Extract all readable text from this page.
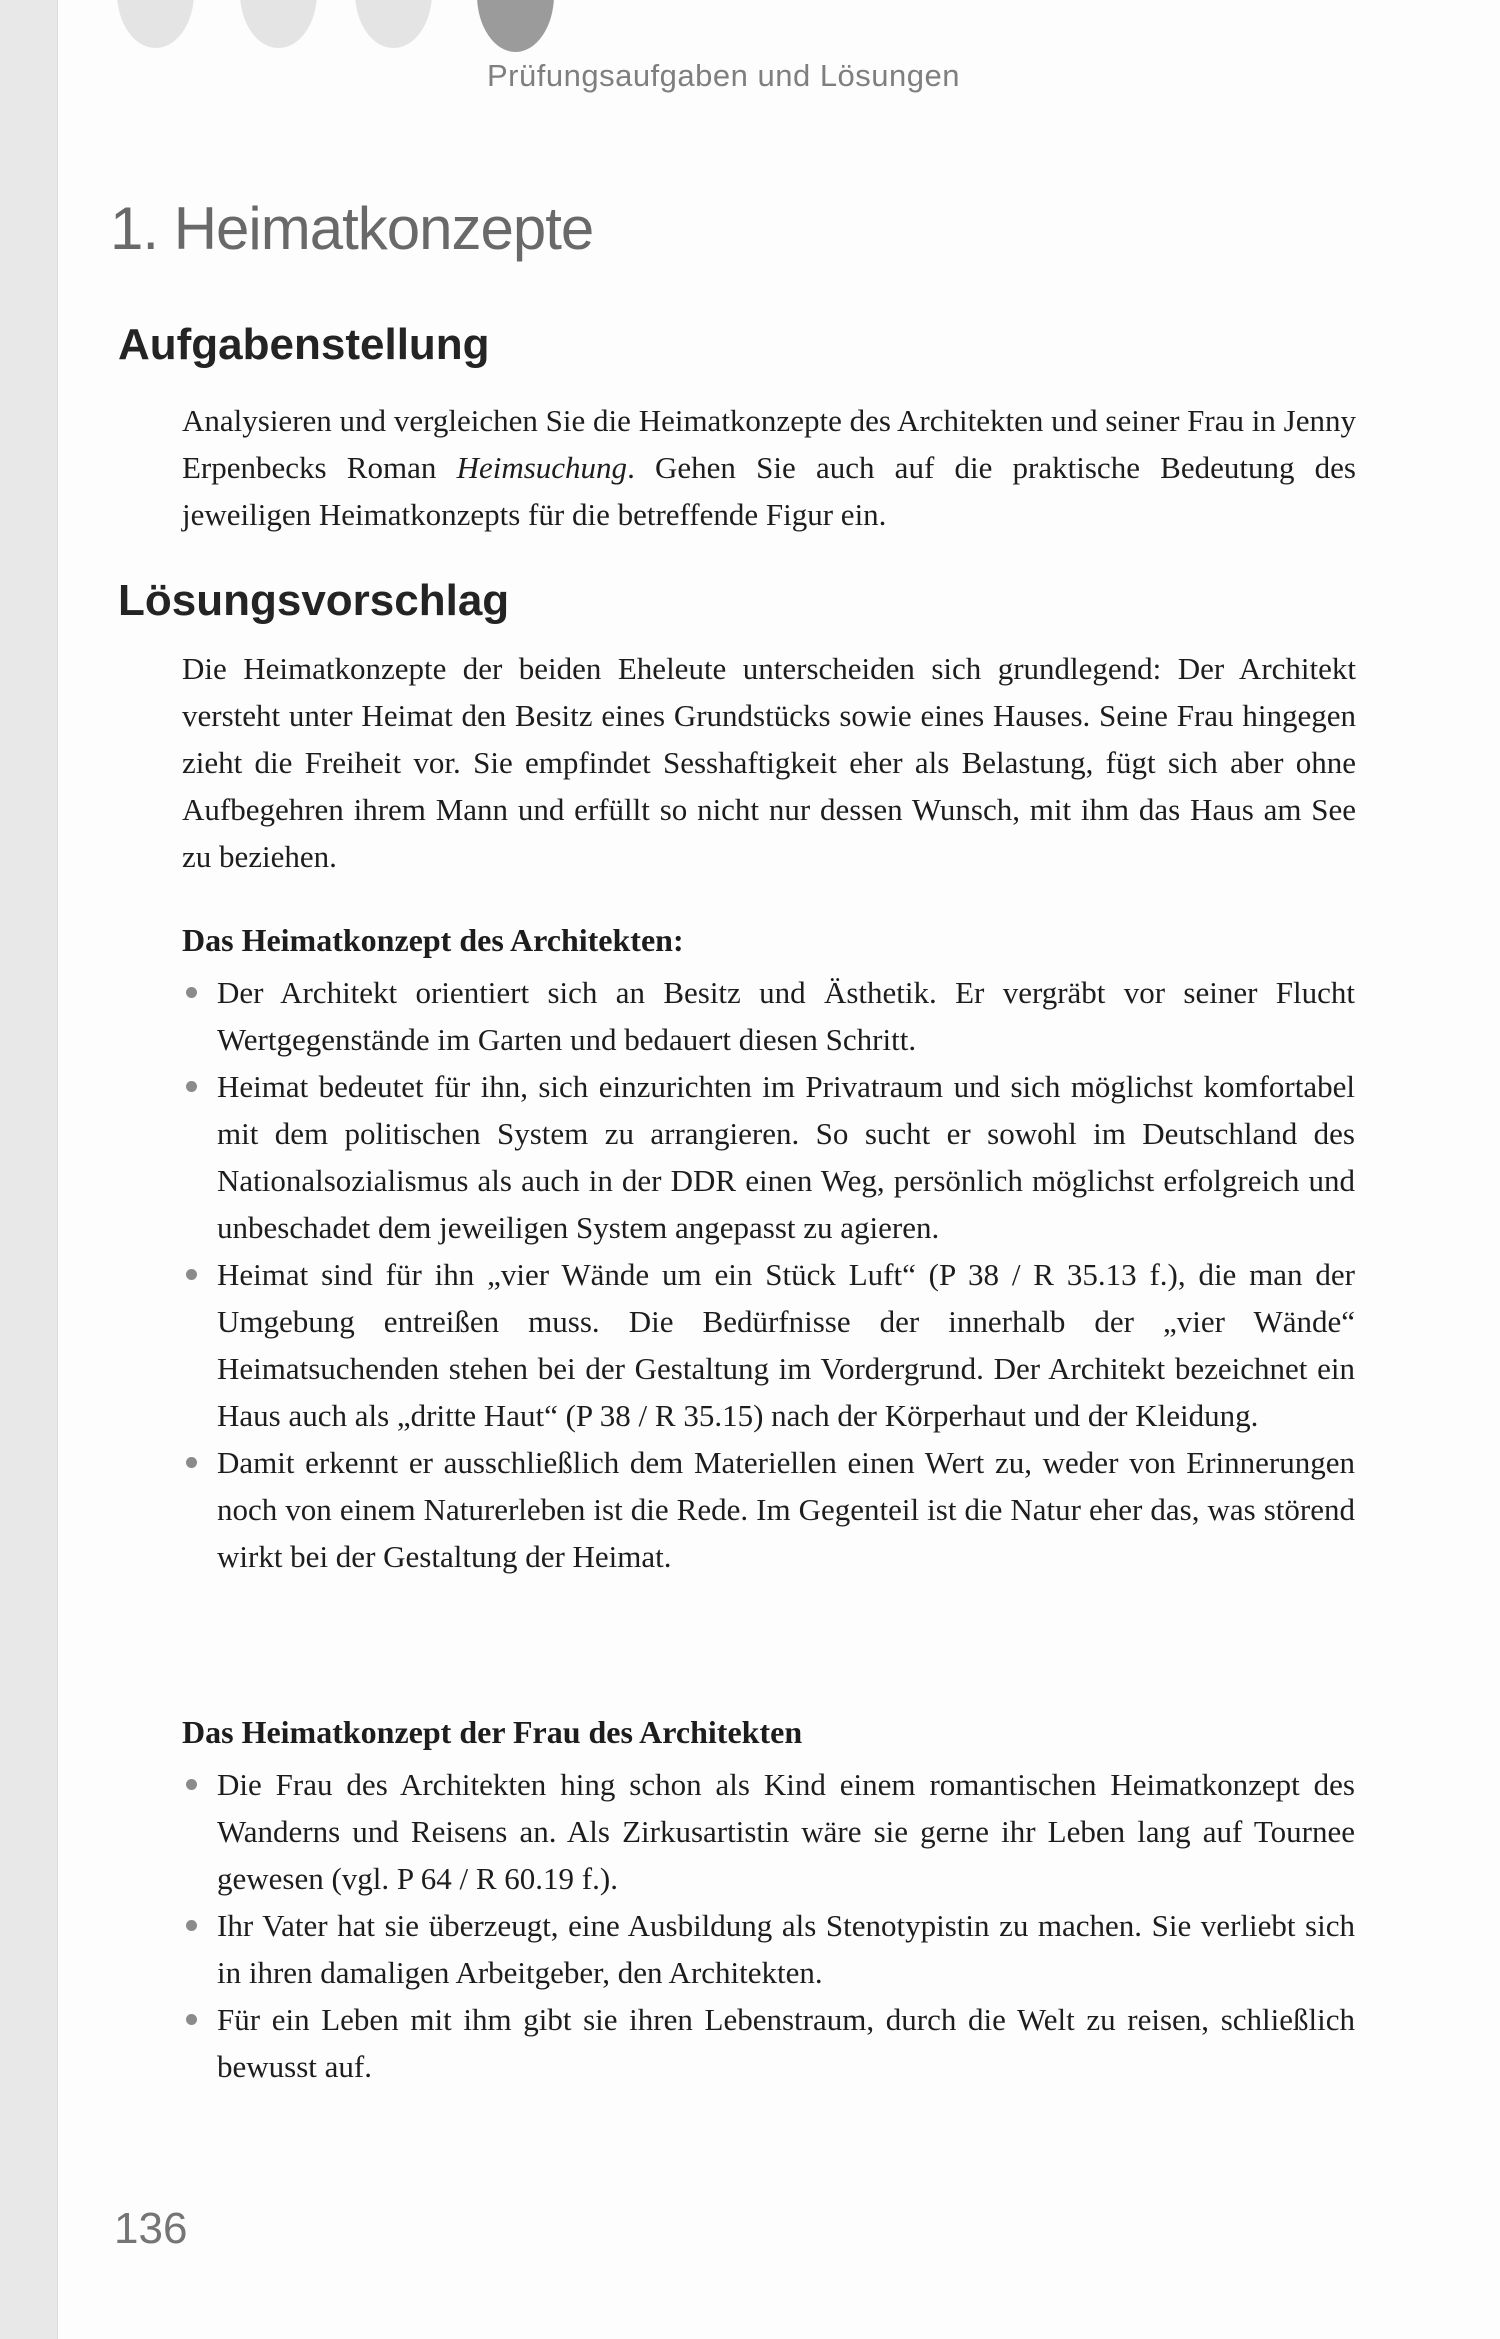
Prüfungsaufgaben und Lösungen
1. Heimatkonzepte
Aufgabenstellung

Analysieren und vergleichen Sie die Heimatkonzepte des Architekten und seiner Frau in Jenny Erpenbecks Roman Heimsuchung. Gehen Sie auch auf die praktische Bedeutung des jeweiligen Heimatkonzepts für die betreffende Figur ein.

Lösungsvorschlag

Die Heimatkonzepte der beiden Eheleute unterscheiden sich grundlegend: Der Architekt versteht unter Heimat den Besitz eines Grundstücks sowie eines Hauses. Seine Frau hingegen zieht die Freiheit vor. Sie empfindet Sesshaftigkeit eher als Belastung, fügt sich aber ohne Aufbegehren ihrem Mann und erfüllt so nicht nur dessen Wunsch, mit ihm das Haus am See zu beziehen.

Das Heimatkonzept des Architekten:
Der Architekt orientiert sich an Besitz und Ästhetik. Er vergräbt vor seiner Flucht Wertgegenstände im Garten und bedauert diesen Schritt.
Heimat bedeutet für ihn, sich einzurichten im Privatraum und sich möglichst komfortabel mit dem politischen System zu arrangieren. So sucht er sowohl im Deutschland des Nationalsozialismus als auch in der DDR einen Weg, persönlich möglichst erfolgreich und unbeschadet dem jeweiligen System angepasst zu agieren.
Heimat sind für ihn „vier Wände um ein Stück Luft“ (P 38 / R 35.13 f.), die man der Umgebung entreißen muss. Die Bedürfnisse der innerhalb der „vier Wände“ Heimatsuchenden stehen bei der Gestaltung im Vordergrund. Der Architekt bezeichnet ein Haus auch als „dritte Haut“ (P 38 / R 35.15) nach der Körperhaut und der Kleidung.
Damit erkennt er ausschließlich dem Materiellen einen Wert zu, weder von Erinnerungen noch von einem Naturerleben ist die Rede. Im Gegenteil ist die Natur eher das, was störend wirkt bei der Gestaltung der Heimat.
Das Heimatkonzept der Frau des Architekten
Die Frau des Architekten hing schon als Kind einem romantischen Heimatkonzept des Wanderns und Reisens an. Als Zirkusartistin wäre sie gerne ihr Leben lang auf Tournee gewesen (vgl. P 64 / R 60.19 f.).
Ihr Vater hat sie überzeugt, eine Ausbildung als Stenotypistin zu machen. Sie verliebt sich in ihren damaligen Arbeitgeber, den Architekten.
Für ein Leben mit ihm gibt sie ihren Lebenstraum, durch die Welt zu reisen, schließlich bewusst auf.
136
